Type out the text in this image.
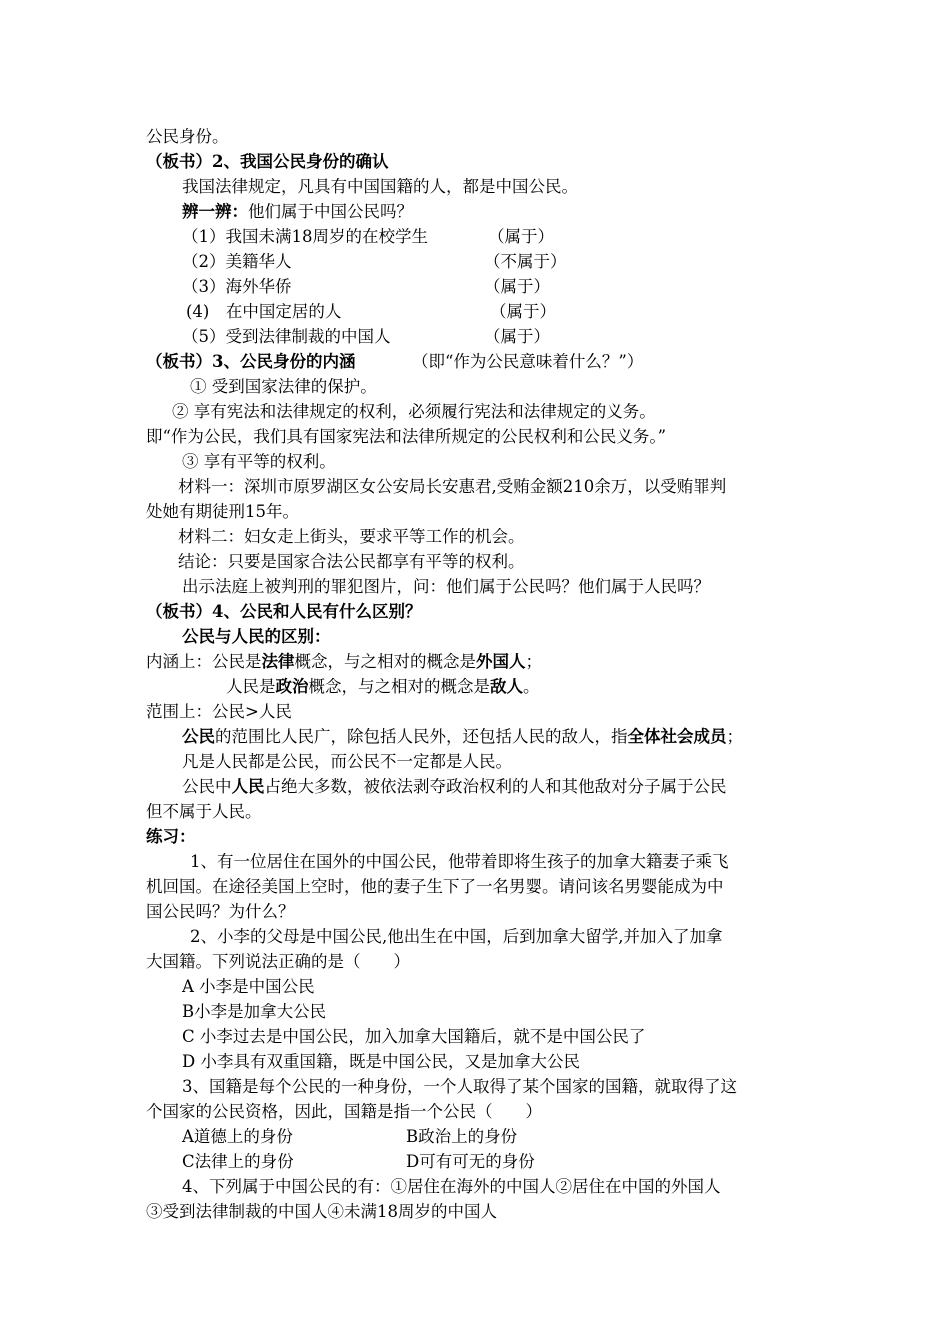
公民身份。
（板书）2、我国公民身份的确认
我国法律规定，凡具有中国国籍的人，都是中国公民。
辨一辨：他们属于中国公民吗？
（1）我国未满18周岁的在校学生	（属于）
（2）美籍华人	（不属于）
（3）海外华侨	（属于）
(4)　在中国定居的人	（属于）
（5）受到法律制裁的中国人	（属于）
（板书）3、公民身份的内涵	（即“作为公民意味着什么？”）
① 受到国家法律的保护。
② 享有宪法和法律规定的权利，必须履行宪法和法律规定的义务。
即“作为公民，我们具有国家宪法和法律所规定的公民权利和公民义务。”
③ 享有平等的权利。
材料一：深圳市原罗湖区女公安局长安惠君,受贿金额210余万，以受贿罪判
处她有期徒刑15年。
材料二：妇女走上街头，要求平等工作的机会。
结论：只要是国家合法公民都享有平等的权利。
出示法庭上被判刑的罪犯图片，问：他们属于公民吗？他们属于人民吗？
（板书）4、公民和人民有什么区别？
公民与人民的区别：
内涵上：公民是法律概念，与之相对的概念是外国人；
人民是政治概念，与之相对的概念是敌人。
范围上：公民>人民
公民的范围比人民广，除包括人民外，还包括人民的敌人，指全体社会成员；
凡是人民都是公民，而公民不一定都是人民。
公民中人民占绝大多数，被依法剥夺政治权利的人和其他敌对分子属于公民
但不属于人民。
练习：
1、有一位居住在国外的中国公民，他带着即将生孩子的加拿大籍妻子乘飞
机回国。在途径美国上空时，他的妻子生下了一名男婴。请问该名男婴能成为中
国公民吗？为什么？
2、小李的父母是中国公民,他出生在中国，后到加拿大留学,并加入了加拿
大国籍。下列说法正确的是（　　）
A 小李是中国公民
B小李是加拿大公民
C 小李过去是中国公民，加入加拿大国籍后，就不是中国公民了
D 小李具有双重国籍，既是中国公民，又是加拿大公民
3、国籍是每个公民的一种身份，一个人取得了某个国家的国籍，就取得了这
个国家的公民资格，因此，国籍是指一个公民（　　）
A道德上的身份	B政治上的身份
C法律上的身份	D可有可无的身份
4、下列属于中国公民的有：①居住在海外的中国人②居住在中国的外国人
③受到法律制裁的中国人④未满18周岁的中国人
